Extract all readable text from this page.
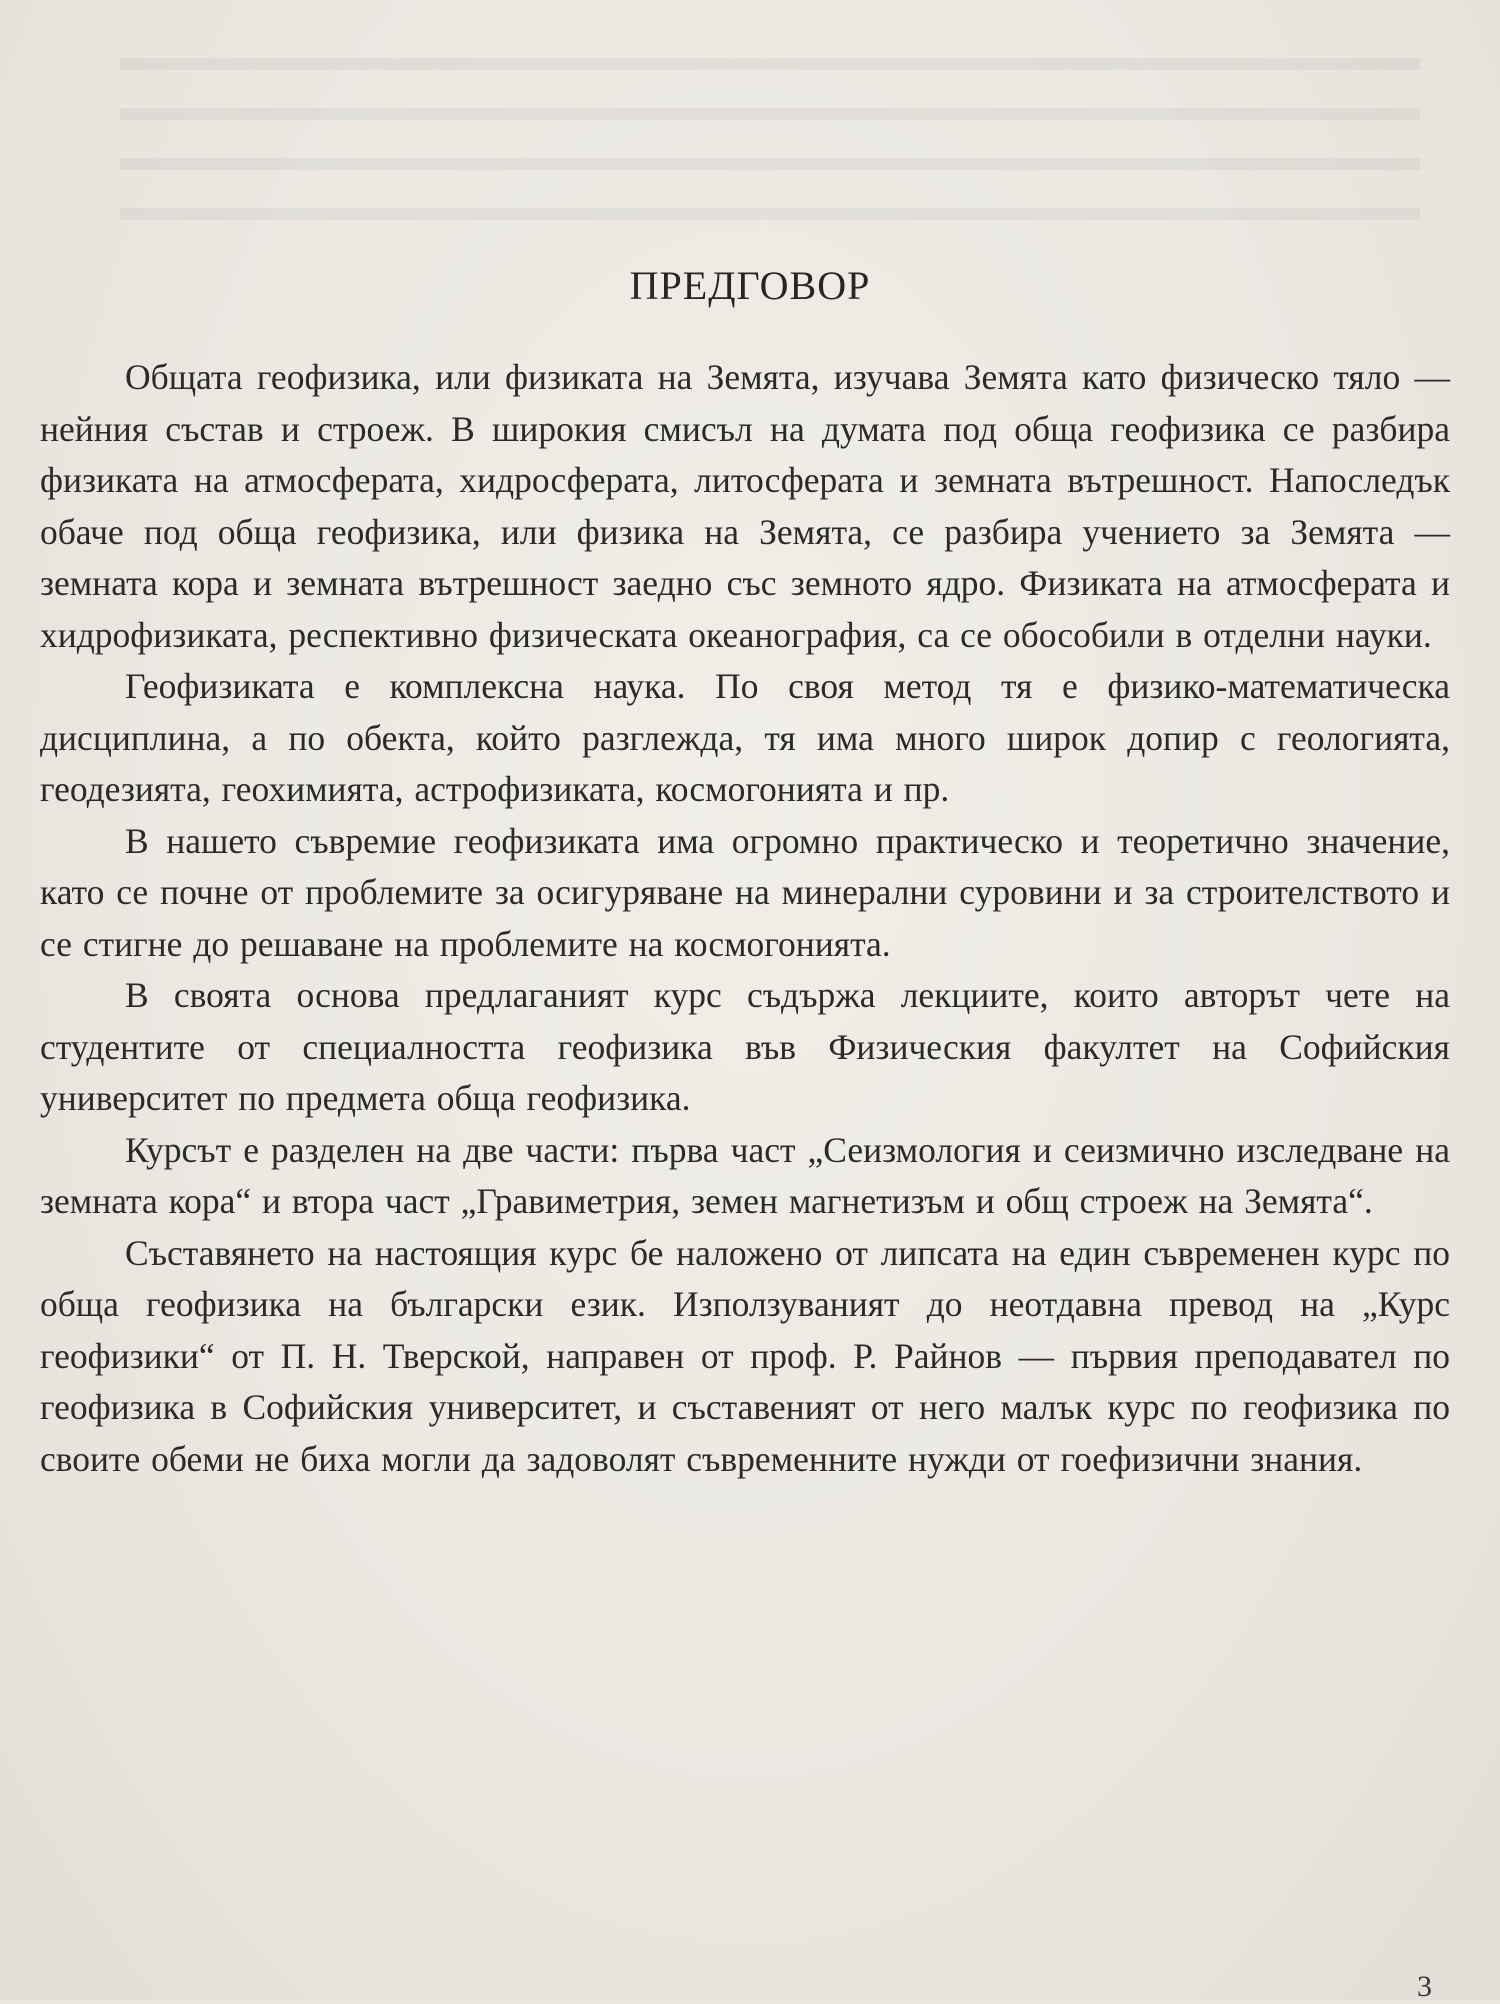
ПРЕДГОВОР

Общата геофизика, или физиката на Земята, изучава Земята като физическо тяло — нейния състав и строеж. В широкия смисъл на думата под обща геофизика се разбира физиката на атмосферата, хидросферата, литосферата и земната вътрешност. Напоследък обаче под обща геофизика, или физика на Земята, се разбира учението за Земята — земната кора и земната вътрешност заедно със земното ядро. Физиката на атмосферата и хидрофизиката, респективно физическата океанография, са се обособили в отделни науки.

Геофизиката е комплексна наука. По своя метод тя е физико-математическа дисциплина, а по обекта, който разглежда, тя има много широк допир с геологията, геодезията, геохимията, астрофизиката, космогонията и пр.

В нашето съвремие геофизиката има огромно практическо и теоретично значение, като се почне от проблемите за осигуряване на минерални суровини и за строителството и се стигне до решаване на проблемите на космогонията.

В своята основа предлаганият курс съдържа лекциите, които авторът чете на студентите от специалността геофизика във Физическия факултет на Софийския университет по предмета обща геофизика.

Курсът е разделен на две части: първа част „Сеизмология и сеизмично изследване на земната кора“ и втора част „Гравиметрия, земен магнетизъм и общ строеж на Земята“.

Съставянето на настоящия курс бе наложено от липсата на един съвременен курс по обща геофизика на български език. Използуваният до неотдавна превод на „Курс геофизики“ от П. Н. Тверской, направен от проф. Р. Райнов — първия преподавател по геофизика в Софийския университет, и съставеният от него малък курс по геофизика по своите обеми не биха могли да задоволят съвременните нужди от гоефизични знания.

3
